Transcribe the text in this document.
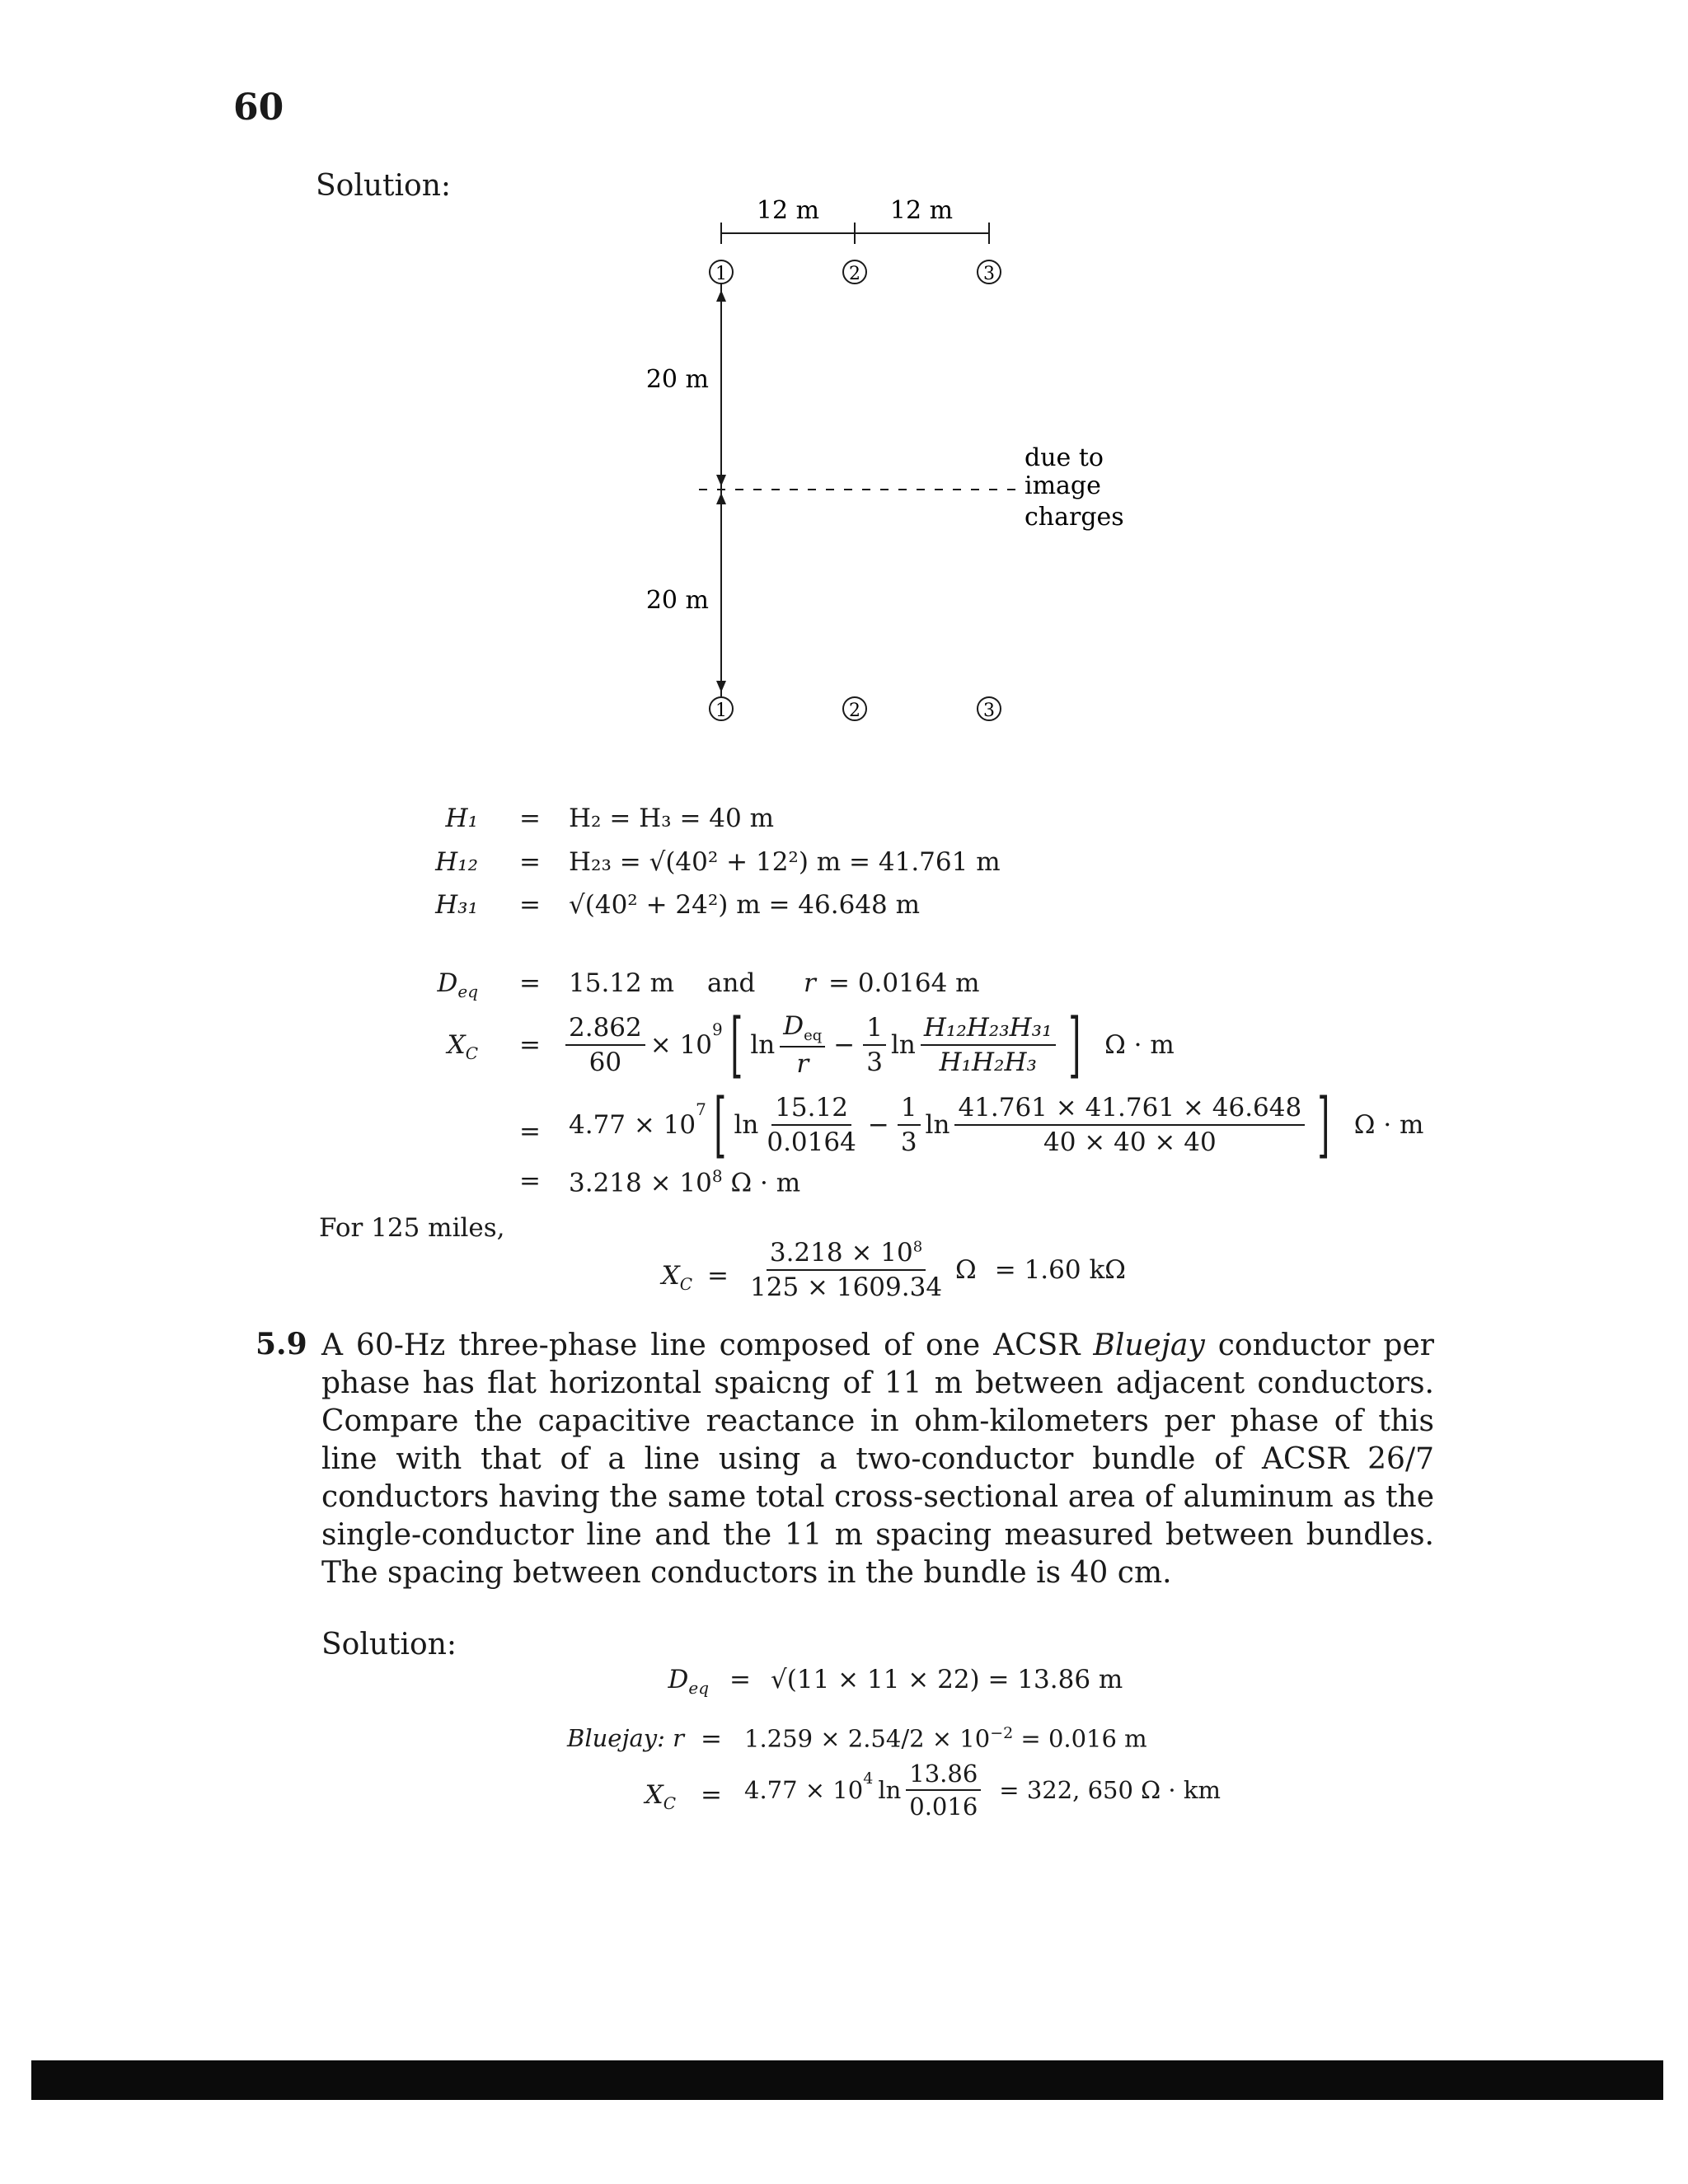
60
Solution:
12 m	12 m
1	2	3
20 m
20 m
due to
image
charges
1	2	3
H₁ = H₂ = H₃ = 40 m
H₁₂ = H₂₃ = √(40² + 12²) m = 41.761 m
H₃₁ = √(40² + 24²) m = 46.648 m
$D_{eq} = 15.12$ m and r = 0.0164 m
$X_C = \frac{2.862}{60} \times 10$
$^9$ [ $\ln \frac{D_{eq}}{r} - \frac{1}{3}$ $\ln \frac{\text{H₁₂H₂₃H₃₁}}{\text{H₁H₂H₃}}$ ] Ω · m
= 4.77 × 10
$^7$ [ $\ln \frac{15.12}{0.0164} - \frac{1}{3}$ $\ln \frac{41.761 \times 41.761 \times 46.648}{40 \times 40 \times 40}$ ] Ω · m
= $3.218 \times 10^8$ Ω · m
For 125 miles,
$X_C = \frac{3.218 \times 10^8}{125 \times 1609.34}$ Ω = 1.60 kΩ
5.9 A 60-Hz three-phase line composed of one ACSR Bluejay conductor per phase has flat horizontal spaicng of 11 m between adjacent conductors. Compare the capacitive reactance in ohm-kilometers per phase of this line with that of a line using a two-conductor bundle of ACSR 26/7 conductors having the same total cross-sectional area of aluminum as the single-conductor line and the 11 m spacing measured between bundles. The spacing between conductors in the bundle is 40 cm.
Solution:
$D_{eq} = √(11 \times 11 \times 22) = 13.86$ m
Bluejay: $r = 1.259 \times 2.54/2 \times 10^{-2} = 0.016$ m
$X_C = 4.77 \times 10^4$ $\ln \frac{13.86}{0.016} = 322$, 650 Ω · km
